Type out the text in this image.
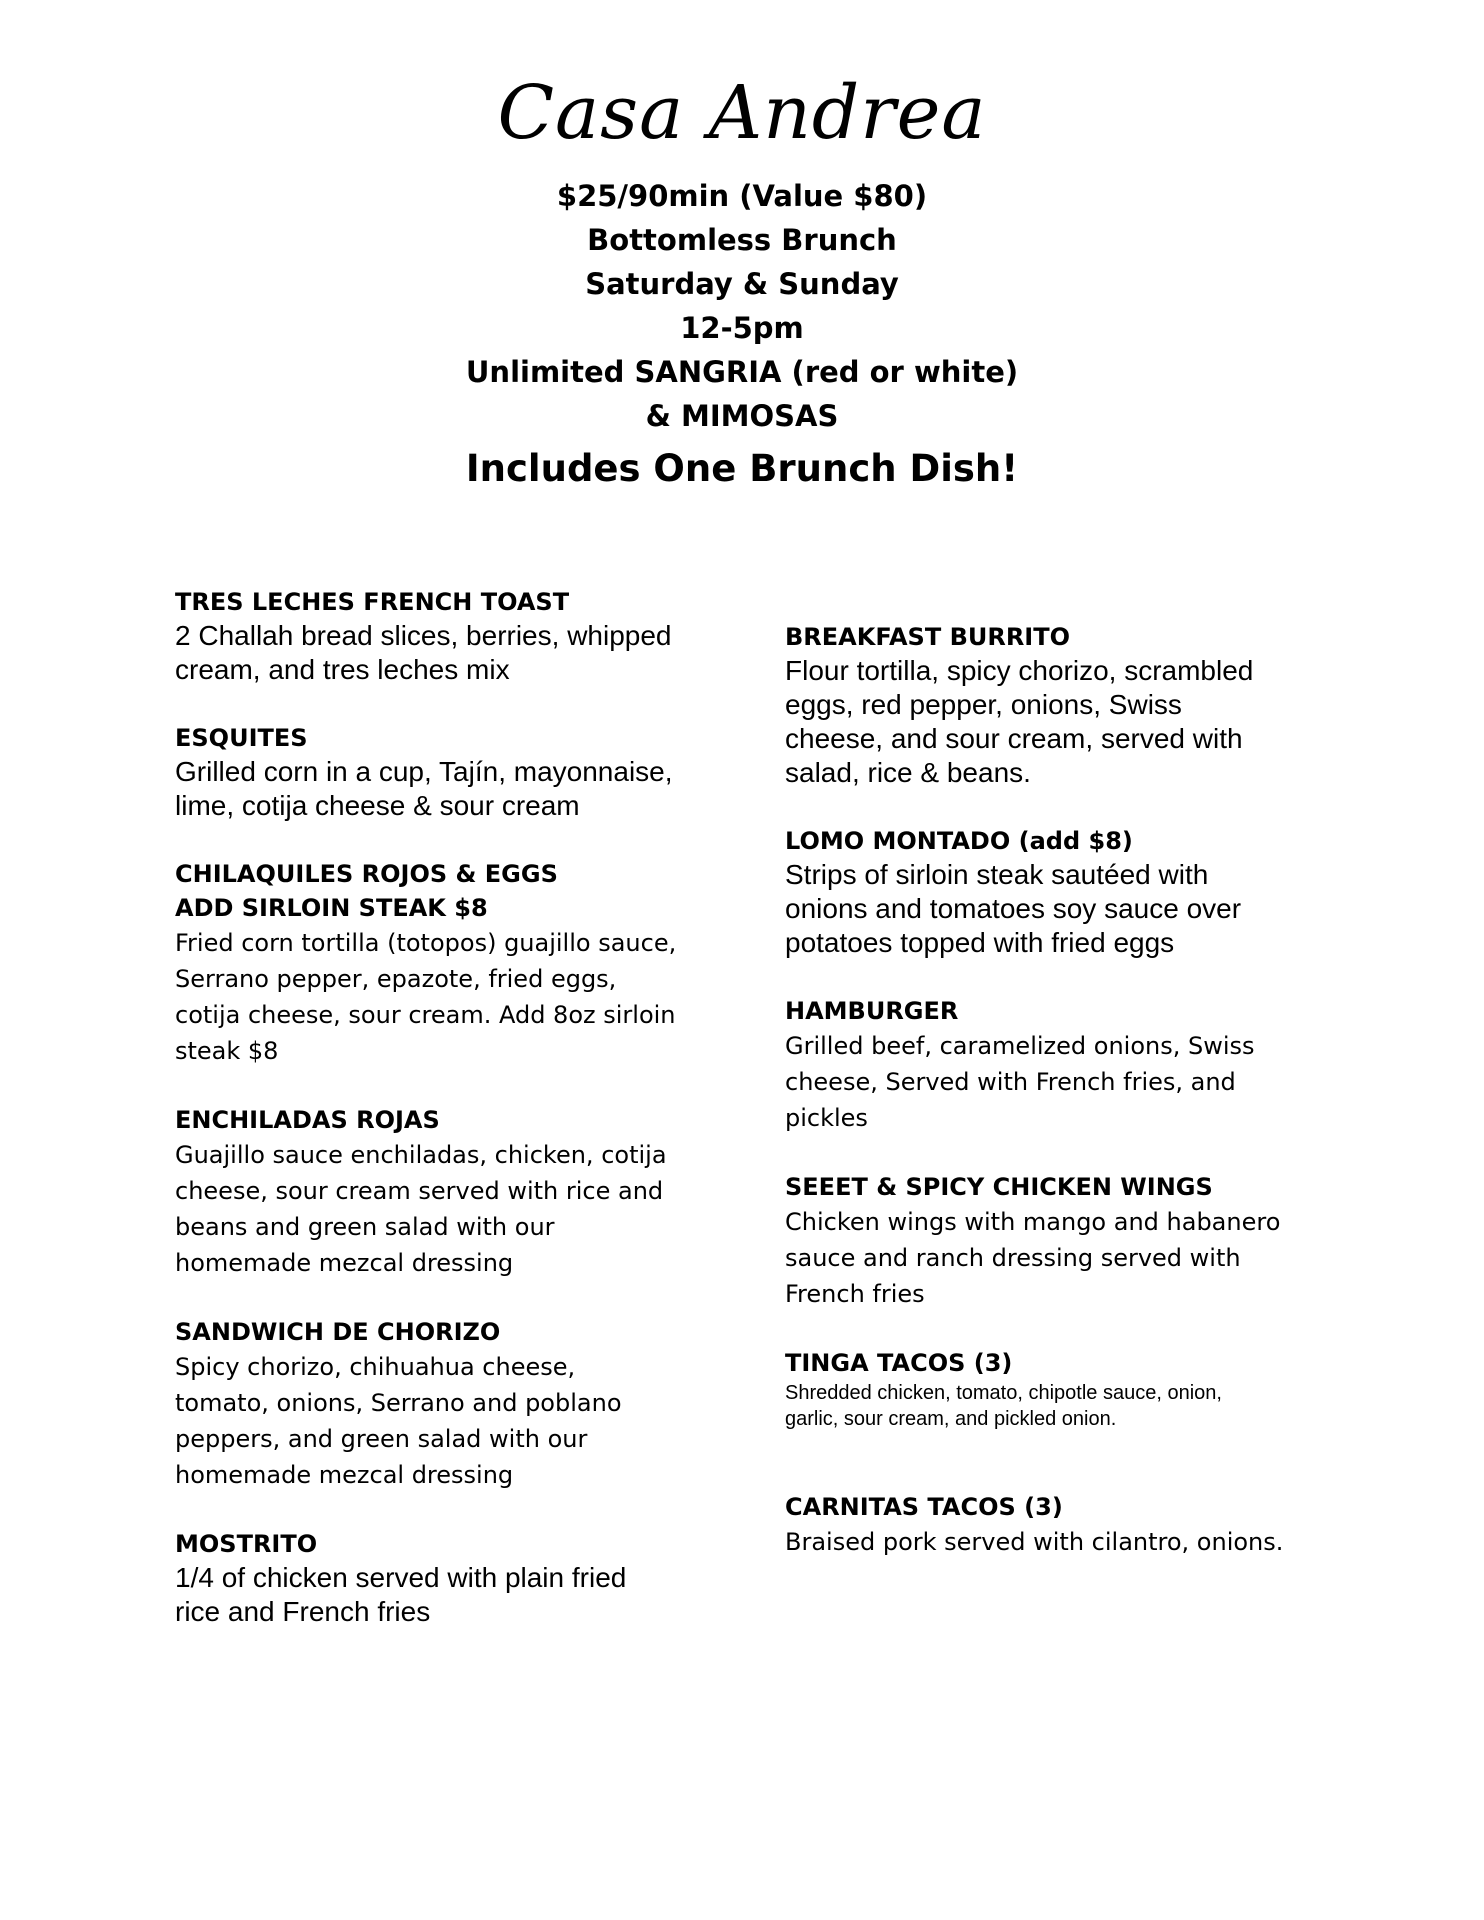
Casa Andrea
$25/90min (Value $80)
Bottomless Brunch
Saturday & Sunday
12-5pm
Unlimited SANGRIA (red or white)
& MIMOSAS
Includes One Brunch Dish!
TRES LECHES FRENCH TOAST
2 Challah bread slices, berries, whipped
cream, and tres leches mix
ESQUITES
Grilled corn in a cup, Tajín, mayonnaise,
lime, cotija cheese & sour cream
CHILAQUILES ROJOS & EGGS
ADD SIRLOIN STEAK $8
Fried corn tortilla (totopos) guajillo sauce,
Serrano pepper, epazote, fried eggs,
cotija cheese, sour cream. Add 8oz sirloin
steak $8
ENCHILADAS ROJAS
Guajillo sauce enchiladas, chicken, cotija
cheese, sour cream served with rice and
beans and green salad with our
homemade mezcal dressing
SANDWICH DE CHORIZO
Spicy chorizo, chihuahua cheese,
tomato, onions, Serrano and poblano
peppers, and green salad with our
homemade mezcal dressing
MOSTRITO
1/4 of chicken served with plain fried
rice and French fries
BREAKFAST BURRITO
Flour tortilla, spicy chorizo, scrambled
eggs, red pepper, onions, Swiss
cheese, and sour cream, served with
salad, rice & beans.
LOMO MONTADO (add $8)
Strips of sirloin steak sautéed with
onions and tomatoes soy sauce over
potatoes topped with fried eggs
HAMBURGER
Grilled beef, caramelized onions, Swiss
cheese, Served with French fries, and
pickles
SEEET & SPICY CHICKEN WINGS
Chicken wings with mango and habanero
sauce and ranch dressing served with
French fries
TINGA TACOS (3)
Shredded chicken, tomato, chipotle sauce, onion,
garlic, sour cream, and pickled onion.
CARNITAS TACOS (3)
Braised pork served with cilantro, onions.
